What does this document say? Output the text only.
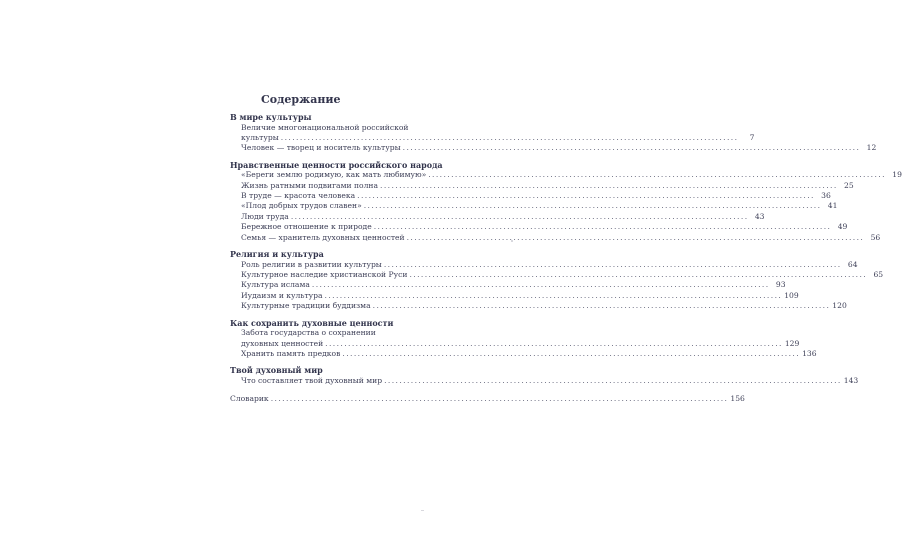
Содержание
В мире культуры
Величие многонациональной российской
культуры ........................................................................................................................	7
Человек — творец и носитель культуры ........................................................................................................................ 12
Нравственные ценности российского народа
«Береги землю родимую, как мать любимую» ........................................................................................................................ 19
Жизнь ратными подвигами полна ........................................................................................................................ 25
В труде — красота человека ........................................................................................................................ 36
«Плод добрых трудов славен» ........................................................................................................................ 41
Люди труда ........................................................................................................................ 43
Бережное отношение к природе ........................................................................................................................ 49
Семья — хранитель духовных ценностей ........................................................................................................................ 56
Религия и культура
Роль религии в развитии культуры ........................................................................................................................ 64
Культурное наследие христианской Руси ........................................................................................................................ 65
Культура ислама ........................................................................................................................ 93
Иудаизм и культура ........................................................................................................................ 109
Культурные традиции буддизма ........................................................................................................................ 120
Как сохранить духовные ценности
Забота государства о сохранении
духовных ценностей ........................................................................................................................ 129
Хранить память предков ........................................................................................................................ 136
Твой духовный мир
Что составляет твой духовный мир ........................................................................................................................ 143
Словарик ........................................................................................................................ 156
